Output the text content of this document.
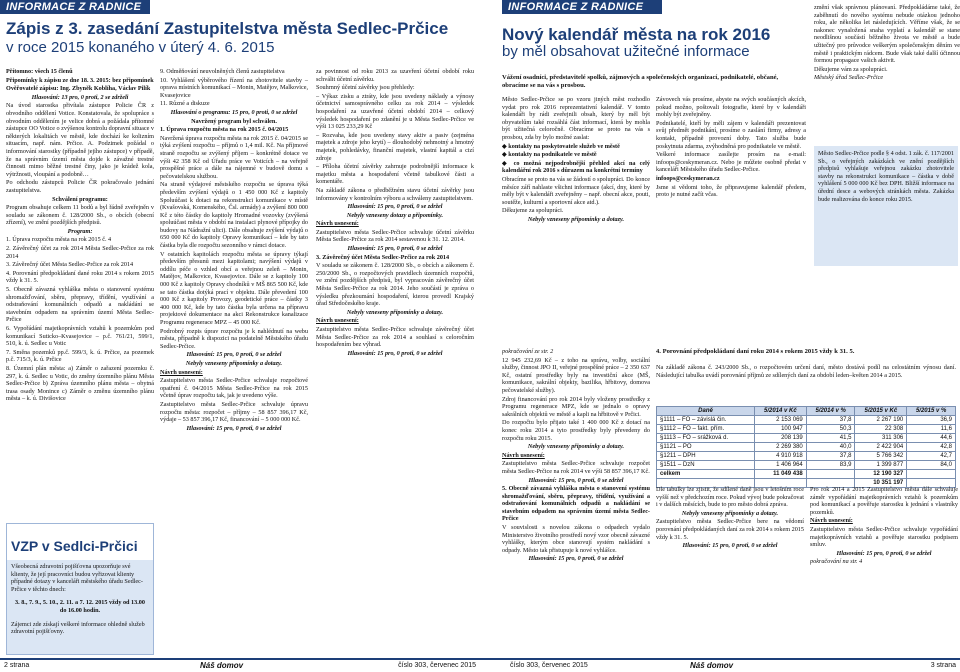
INFORMACE Z RADNICE
Zápis z 3. zasedání Zastupitelstva města Sedlec-Prčice
v roce 2015 konaného v úterý 4. 6. 2015

Přítomno: všech 15 členů

Připomínky k zápisu ze dne 18. 3. 2015: bez připomínek

Ověřovatelé zápisu: Ing. Zbyněk Koblíha, Václav Pilík

Hlasování: 13 pro, 0 proti, 2 se zdrželi

Na úvod starostka přivítala zástupce Policie ČR z obvodního oddělení Votice. Konstatovala, že spolupráce s obvodním oddělením je velice dobrá a požádala přítomné zástupce OO Votice o zvýšenou kontrolu dopravní situace v některých lokalitách ve městě, kde dochází ke kolizním situacím, např. nám. Prčice. A. Podzimek požádal o informování starostky (případně jejího zástupce) v případě, že na správním území města dojde k závažné trestné činnosti mimo běžné trestné činy, jako je krádež kola, výtržnosti, vloupání a podobně…

Po odchodu zástupců Policie ČR pokračovalo jednání zastupitelstva.

Schválení programu:

Program obsahuje celkem 11 bodů a byl řádně zveřejněn v souladu se zákonem č. 128/2000 Sb., o obcích (obecní zřízení), ve znění pozdějších předpisů.

Program:

1. Úprava rozpočtu města na rok 2015 č. 4

2. Závěrečný účet za rok 2014 Města Sedlec-Prčice za rok 2014

3. Závěrečný účet Města Sedlec-Prčice za rok 2014

4. Porovnání předpokládaní dané roku 2014 s rokem 2015 vždy k 31. 5.

5. Obecně závazná vyhláška města o stanovení systému shromažďování, sběru, přepravy, třídění, využívání a odstraňování komunálních odpadů a nakládání se stavebním odpadem na správním území Města Sedlec-Prčice

6. Vypořádání majetkoprávních vztahů k pozemkům pod komunikací Suticko–Kvasejovice – p.č. 761/21, 599/1, 510, k. ú. Sedlec u Votic

7. Směna pozemků pp.č. 599/3, k. ú. Prčice, za pozemek p.č. 715/3, k. ú. Prčice

8. Územní plán města: a) Záměr o zařazení pozemku č. 297, k. ú. Sedlec u Votic, do změny územního plánu Města Sedlec-Prčice b) Zpráva územního plánu města – obytná trasa osady Monince c) Záměr o změnu územního plánu města – k. ú. Divišovice

VZP v Sedlci-Prčici
Všeobecná zdravotní pojišťovna upozorňuje své klienty, že její pracovníci budou vyřizovat klienty případné dotazy v kanceláři městského úřadu Sedlec-Prčice v těchto dnech:
3. 8., 7. 9., 5. 10., 2. 11. a 7. 12. 2015 vždy od 13.00 do 16.00 hodin.
Zájemci zde získají veškeré informace ohledně služeb zdravotní pojišťovny.

9. Odměňování neuvolněných členů zastupitelstva

10. Vyhlášení výběrového řízení na zhotovitele stavby – oprava místních komunikací – Monin, Matějov, Malkovice, Kvasejovice

11. Různé a diskuze

Hlasování o programu: 15 pro, 0 proti, 0 se zdržel

Navržený program byl schválen.

1. Úprava rozpočtu města na rok 2015 č. 04/2015

Navržená úprava rozpočtu města na rok 2015 č. 04/2015 se týká zvýšení rozpočtu – příjmů o 1,4 mil. Kč. Na příjmové straně rozpočtu se zvýšený příjem – konkrétně dotace ve výši 42 358 Kč od Úřadu práce ve Voticích – na veřejně prospěšné práce a dále na nájemné v budově domu s pečovatelskou službou.

Na straně výdajové městského rozpočtu se úprava týká především zvýšení výdajů o 1 450 000 Kč z kapitoly Spoluúčast k dotaci na rekonstrukci komunikace v místě (Kvašovská, Komenského, Čsl. armády) a zvýšení 800 000 Kč z této částky do kapitoly Hromadné vozovky (zvýšená spoluúčast města v období na instalaci plynové přípojky do budovy na Nádražní ulici). Dále obsahuje zvýšení výdajů o 650 000 Kč do kapitoly Opravy komunikací – kde by tato částka byla dle rozpočtu sezonního v rámci dotace.

V ostatních kapitolách rozpočtu města se úpravy týkají především přesunů mezi kapitolami; navýšení výdajů v oddílu péče o vzhled obcí a veřejnou zeleň – Monin, Matějov, Malkovice, Kvasejovice. Dále se z kapitoly 100 000 Kč z kapitoly Opravy chodníků v MŠ 865 500 Kč, kde se tato částka dotýká prací v objektu. Dále převedení 100 000 Kč z kapitoly Provozy, geodetické práce – částky 3 400 000 Kč, kde by tato částka byla určena na přípravu projektové dokumentace na akci Rekonstrukce kanalizace Programu regenerace MPZ – 45 000 Kč.

Podrobný rozpis úprav rozpočtu je k nahlédnutí na webu města, případně k dispozici na podatelně Městského úřadu Sedlec-Prčice.

Hlasování: 15 pro, 0 proti, 0 se zdržel

Nebyly vzneseny připomínky a dotazy.

Návrh usnesení:

Zastupitelstvo města Sedlec-Prčice schvaluje rozpočtové opatření č. 04/2015 Města Sedlec-Prčice na rok 2015 včetně úprav rozpočtu tak, jak je uvedeno výše.

Zastupitelstvo města Sedlec-Prčice schvaluje úpravu rozpočtu města: rozpočet – příjmy – 58 857 396,17 Kč, výdaje – 53 857 396,17 Kč, financování – 5 000 000 Kč.

Hlasování: 15 pro, 0 proti, 0 se zdržel

za povinnost od roku 2013 za uzavření účetní období roku schválit účetní závěrku.

Souhrnný účetní závěrky jsou přehledy:

– Výkaz zisku a ztráty, kde jsou uvedeny náklady a výnosy účetnictví samosprávného celku za rok 2014 – výsledek hospodaření za uzavřené účetní období 2014 – celkový výsledek hospodaření po zdanění je u Města Sedlec-Prčice ve výši 13 025 233,29 Kč

– Rozvaha, kde jsou uvedeny stavy aktiv a pasiv (zejména majetek a zdroje jeho krytí) – dlouhodobý nehmotný a hmotný majetek, pohledávky, finanční majetek, vlastní kapitál a cizí zdroje

– Příloha účetní závěrky zahrnuje podrobnější informace k majetku města a hospodaření včetně tabulkové části a komentáře.

Na základě zákona o předběžném stavu účetní závěrky jsou informovány v kontrolním výboru a schváleny zastupitelstvem.

Hlasování: 15 pro, 0 proti, 0 se zdržel

Nebyly vzneseny dotazy a připomínky.

Návrh usnesení:

Zastupitelstvo města Sedlec-Prčice schvaluje účetní závěrku Města Sedlec-Prčice za rok 2014 sestavenou k 31. 12. 2014.

Hlasování: 15 pro, 0 proti, 0 se zdržel

3. Závěrečný účet Města Sedlec-Prčice za rok 2014

V souladu se zákonem č. 128/2000 Sb., o obcích a zákonem č. 250/2000 Sb., o rozpočtových pravidlech územních rozpočtů, ve znění pozdějších předpisů, byl vypracován závěrečný účet Města Sedlec-Prčice za rok 2014. Jeho součástí je zpráva o výsledku přezkoumání hospodaření, kterou provedl Krajský úřad Středočeského kraje.

Nebyly vzneseny připomínky a dotazy.

Návrh usnesení:

Zastupitelstvo města Sedlec-Prčice schvaluje závěrečný účet Města Sedlec-Prčice za rok 2014 a souhlasí s celoročním hospodařením bez výhrad.

Hlasování: 15 pro, 0 proti, 0 se zdržel

2 strana	Náš domov	číslo 303, červenec 2015
INFORMACE Z RADNICE
Nový kalendář města na rok 2016
by měl obsahovat užitečné informace
Vážení osadníci, představitelé spolků, zájmových a společenských organizací, podnikatelé, občané, obracíme se na vás s prosbou.

Město Sedlec-Prčice se po vzoru jiných měst rozhodlo vydat pro rok 2016 reprezentativní kalendář. V tomto kalendáři by rádi zveřejnili obsah, který by měl být obyvatelům také rozsáhlá část informací, která by mohla být užitečná celoročně. Obracíme se proto na vás s prosbou, zda by bylo možné zaslat:

◆ kontakty na poskytovatele služeb ve městě

◆ kontakty na podnikatele ve městě

◆ co možná nejpodrobnější přehled akcí na celý kalendářní rok 2016 s důrazem na konkrétní termíny

Obracíme se proto na vás se žádostí o spolupráci. Do konce měsíce září nahlaste všichni informace (akcí, dny, které by měly být v kalendáři zveřejněny – např. obecní akce, pouti, soutěže, kulturní a sportovní akce atd.).

Děkujeme za spolupráci.

Nebyly vzneseny připomínky a dotazy.

Závovech vás prosíme, abyste na svých součásných akcích, pokud možno, poštovali fotografie, které by v kalendáři mohly být zveřejněny.

Podnikatelé, kteří by měli zájem v kalendáři prezentovat svůj předmět podnikání, prosíme o zaslání firmy, adresy a kontakt, případně provozní doby. Tato služba bude poskytnuta zdarma, zvýhodněná pro podnikatele ve městě.

Veškeré informace zasílejte prosím na e-mail: infoops@ceskymeran.cz. Nebo je můžete osobně předat v kanceláři Městského úřadu Sedlec-Prčice.

infoops@ceskymeran.cz

Jsme si vědomi toho, že připravujeme kalendář předem, proto je nutné začít včas.

změní však správnou plánovaní. Předpokládáme také, že zaběhnutí do nového systému nebude otázkou jednoho roku, ale několika let následujících. Věříme však, že se nakonec vynaložená snaha vyplatí a kalendář se stane neodlišnou součástí běžného života ve městě a bude užitečný pro průvodce veškerým společenským děním ve městě i praktickým rádcem. Bude však také další účinnou formou propagace vašich aktivit.

Děkujeme vám za spolupráci.

Městský úřad Sedlec-Prčice

Město Sedlec-Prčice podle § 4 odst. 1 zák. č. 117/2001 Sb., o veřejných zakázkách ve znění pozdějších předpisů vyhlašuje veřejnou zakázku zhotovitele stavby na rekonstrukci komunikace – částka v době vyhlášení 5 000 000 Kč bez DPH. Bližší informace na úřední desce a webových stránkách města. Zakázka bude realizována do konce roku 2015.

pokračování ze str. 2

12 945 232,69 Kč – z toho na správu, volby, sociální služby, činnost JPO II, veřejné prospěšné práce – 2 350 637 Kč, ostatní prostředky byly na investiční akce (MŠ, komunikace, sakrální objekty, bazilika, hřbitovy, domova pečovatelské služby).

Zdroj financování pro rok 2014 byly vloženy prostředky z Programu regenerace MPZ, kde se jednalo o opravy sakrálních objektů ve městě a kapli na hřbitově v Prčici.

Do rozpočtu bylo přijato také 1 400 000 Kč z dotací na konec roku 2014 a tyto prostředky byly převedeny do rozpočtu roku 2015.

Nebyly vzneseny připomínky a dotazy.

Návrh usnesení:

Zastupitelstvo města Sedlec-Prčice schvaluje rozpočet města Sedlec-Prčice na rok 2014 ve výši 58 857 396,17 Kč.

Hlasování: 15 pro, 0 proti, 0 se zdržel

5. Obecně závazná vyhláška města o stanovení systému shromažďování, sběru, přepravy, třídění, využívání a odstraňování komunálních odpadů a nakládání se stavebním odpadem na správním území města Sedlec-Prčice

V souvislosti s novelou zákona o odpadech vydalo Ministerstvo životního prostředí nový vzor obecně závazné vyhlášky, kterým obce stanovují systém nakládání s odpady. Město tak přistupuje k nové vyhlášce.

Hlasování: 15 pro, 0 proti, 0 se zdržel

4. Porovnání předpokládaní daní roku 2014 s rokem 2015 vždy k 31. 5.

Na základě zákona č. 243/2000 Sb., o rozpočtovém určení daní, město dostává podíl na celostátním výnosu daní. Následující tabulka uvádí porovnání příjmů ze sdílených daní za období leden–květen 2014 a 2015.

Daně	5/2014 v Kč	5/2014 v %	5/2015 v Kč	5/2015 v %
§1111 – FO – závislá čin.	2 153 069	37,8	2 267 190	36,9
§1112 – FO – fakt. přím.	100 947	50,3	22 308	11,6
§1113 – FO – srážková d.	208 139	41,5	311 306	44,6
§1121 – PO	2 269 380	40,0	2 422 904	42,8
§1211 – DPH	4 910 918	37,8	5 766 342	42,7
§1511 – DzN	1 406 964	83,9	1 399 877	84,0
celkem	11 049 438		12 190 327	
			10 351 197	

Dle tabulky lze zjistit, že sdílené daně jsou v letošním roce vyšší než v předchozím roce. Pokud vývoj bude pokračovat i v dalších měsících, bude to pro město dobrá zpráva.

Nebyly vzneseny připomínky a dotazy.

Zastupitelstvo města Sedlec-Prčice bere na vědomí porovnání předpokládaných daní za rok 2014 s rokem 2015 vždy k 31. 5.

Hlasování: 15 pro, 0 proti, 0 se zdržel

Pro rok 2014 a 2015 Zastupitelstvo města dále schvaluje záměr vypořádání majetkoprávních vztahů k pozemkům pod komunikací a pověřuje starostku k jednání s vlastníky pozemků.

Návrh usnesení:

Zastupitelstvo města Sedlec-Prčice schvaluje vypořádání majetkoprávních vztahů a pověřuje starostku podpisem smluv.

Hlasování: 15 pro, 0 proti, 0 se zdržel

pokračování na str. 4

číslo 303, červenec 2015	Náš domov	3 strana
